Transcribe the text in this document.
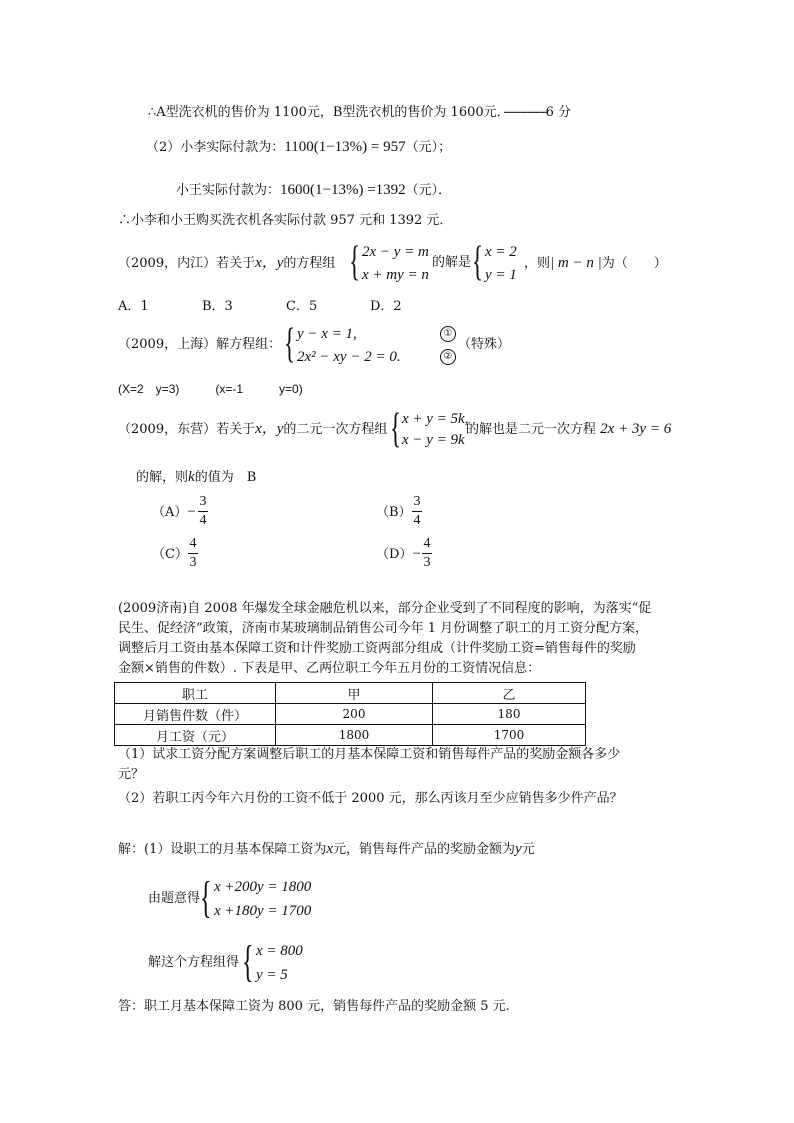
∴A型洗衣机的售价为 1100元，B型洗衣机的售价为 1600元．····································6 分
（2）小李实际付款为：1100(1−13%) = 957（元）；
小王实际付款为：1600(1−13%) =1392（元）．
∴小李和小王购买洗衣机各实际付款 957 元和 1392 元．
（2009，内江）若关于x，y的方程组 { 2x − y = m
x + my = n
的解是 { x = 2
y = 1
，则| m − n |为（　　）
A．1	B．3	C．5	D．2
（2009，上海）解方程组： { y − x = 1,
2x² − xy − 2 = 0.
①
②
（特殊）
(X=2　y=3)　　　(x=-1　　　y=0)
（2009，东营）若关于x，y的二元一次方程组 { x + y = 5k,
x − y = 9k
的解也是二元一次方程 2x + 3y = 6
的解，则k的值为　B
（A）−
3
4
（B）
3
4
（C）
4
3
（D）−
4
3
(2009济南)自 2008 年爆发全球金融危机以来，部分企业受到了不同程度的影响，为落实“促
民生、促经济”政策，济南市某玻璃制品销售公司今年 1 月份调整了职工的月工资分配方案，
调整后月工资由基本保障工资和计件奖励工资两部分组成（计件奖励工资=销售每件的奖励
金额×销售的件数）. 下表是甲、乙两位职工今年五月份的工资情况信息：
职工	甲	乙
月销售件数（件）	200	180
月工资（元）	1800	1700
（1）试求工资分配方案调整后职工的月基本保障工资和销售每件产品的奖励金额各多少
元？
（2）若职工丙今年六月份的工资不低于 2000 元，那么丙该月至少应销售多少件产品？
解：(1）设职工的月基本保障工资为x元，销售每件产品的奖励金额为y元
由题意得 { x +200y = 1800
x +180y = 1700
解这个方程组得 { x = 800
y = 5
答：职工月基本保障工资为 800 元，销售每件产品的奖励金额 5 元.
